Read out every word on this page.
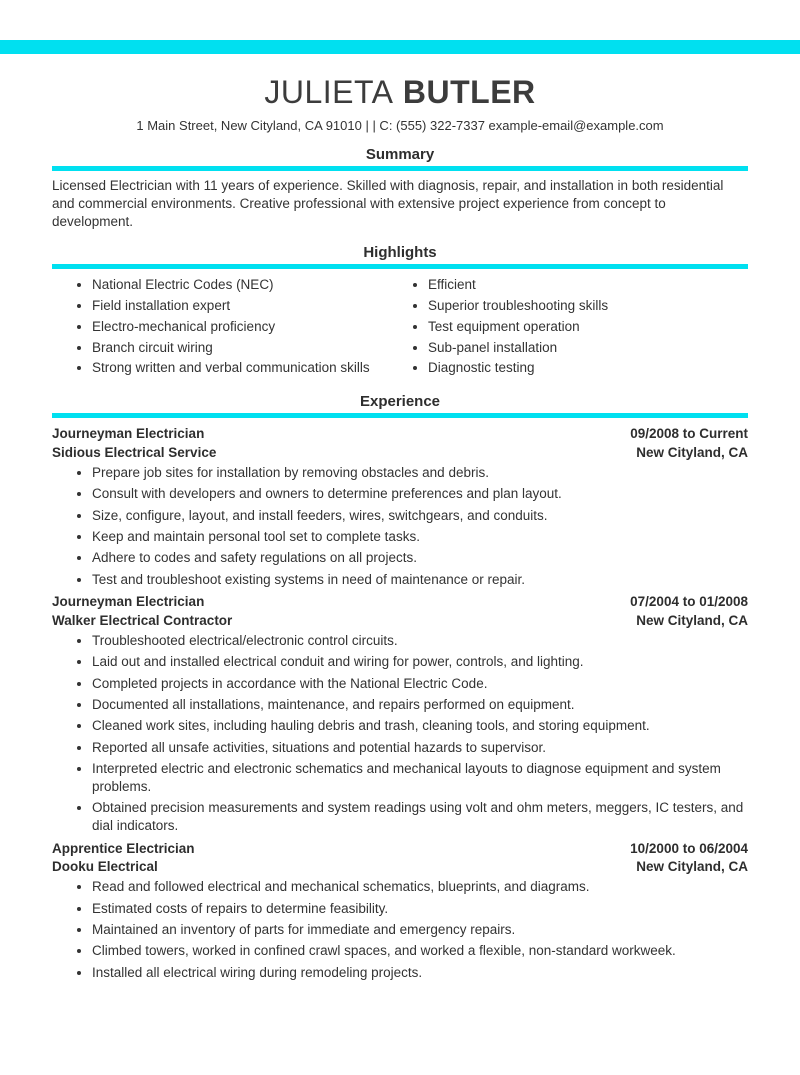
JULIETA BUTLER
1 Main Street, New Cityland, CA 91010 | | C: (555) 322-7337 example-email@example.com
Summary

Licensed Electrician with 11 years of experience. Skilled with diagnosis, repair, and installation in both residential and commercial environments. Creative professional with extensive project experience from concept to development.

Highlights
• National Electric Codes (NEC)
• Field installation expert
• Electro-mechanical proficiency
• Branch circuit wiring
• Strong written and verbal communication skills
• Efficient
• Superior troubleshooting skills
• Test equipment operation
• Sub-panel installation
• Diagnostic testing
Experience
Journeyman Electrician	09/2008 to Current
Sidious Electrical Service	New Cityland, CA
• Prepare job sites for installation by removing obstacles and debris.
• Consult with developers and owners to determine preferences and plan layout.
• Size, configure, layout, and install feeders, wires, switchgears, and conduits.
• Keep and maintain personal tool set to complete tasks.
• Adhere to codes and safety regulations on all projects.
• Test and troubleshoot existing systems in need of maintenance or repair.
Journeyman Electrician	07/2004 to 01/2008
Walker Electrical Contractor	New Cityland, CA
• Troubleshooted electrical/electronic control circuits.
• Laid out and installed electrical conduit and wiring for power, controls, and lighting.
• Completed projects in accordance with the National Electric Code.
• Documented all installations, maintenance, and repairs performed on equipment.
• Cleaned work sites, including hauling debris and trash, cleaning tools, and storing equipment.
• Reported all unsafe activities, situations and potential hazards to supervisor.
• Interpreted electric and electronic schematics and mechanical layouts to diagnose equipment and system problems.
• Obtained precision measurements and system readings using volt and ohm meters, meggers, IC testers, and dial indicators.
Apprentice Electrician	10/2000 to 06/2004
Dooku Electrical	New Cityland, CA
• Read and followed electrical and mechanical schematics, blueprints, and diagrams.
• Estimated costs of repairs to determine feasibility.
• Maintained an inventory of parts for immediate and emergency repairs.
• Climbed towers, worked in confined crawl spaces, and worked a flexible, non-standard workweek.
• Installed all electrical wiring during remodeling projects.
